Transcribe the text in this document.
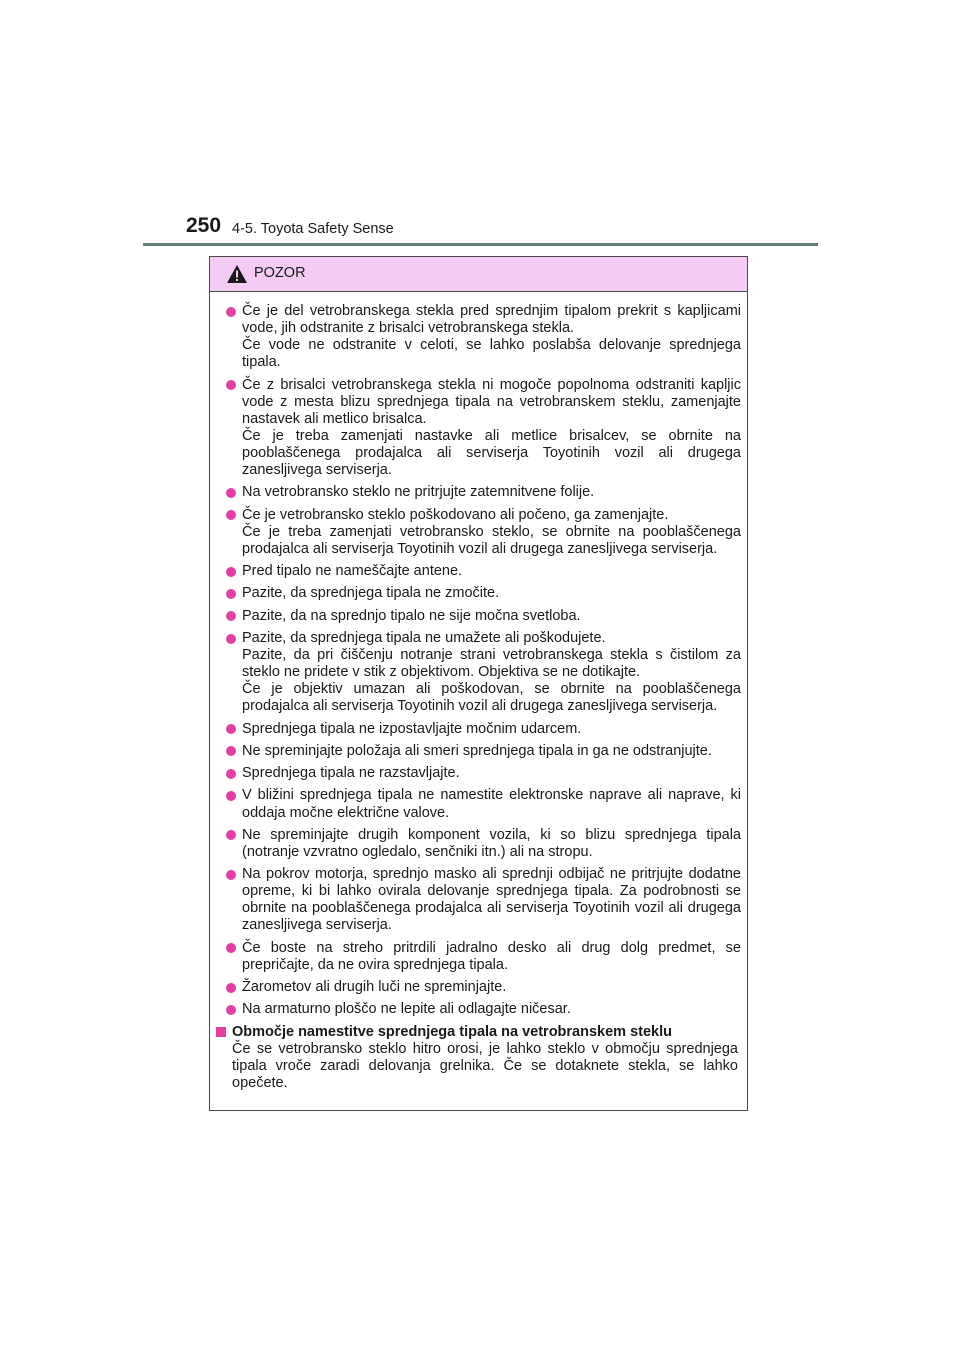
250 4-5. Toyota Safety Sense
POZOR
Če je del vetrobranskega stekla pred sprednjim tipalom prekrit s kapljicami vode, jih odstranite z brisalci vetrobranskega stekla.
Če vode ne odstranite v celoti, se lahko poslabša delovanje sprednjega tipala.
Če z brisalci vetrobranskega stekla ni mogoče popolnoma odstraniti kapljic vode z mesta blizu sprednjega tipala na vetrobranskem steklu, zamenjajte nastavek ali metlico brisalca.
Če je treba zamenjati nastavke ali metlice brisalcev, se obrnite na pooblaščenega prodajalca ali serviserja Toyotinih vozil ali drugega zanesljivega serviserja.
Na vetrobransko steklo ne pritrjujte zatemnitvene folije.
Če je vetrobransko steklo poškodovano ali počeno, ga zamenjajte.
Če je treba zamenjati vetrobransko steklo, se obrnite na pooblaščenega prodajalca ali serviserja Toyotinih vozil ali drugega zanesljivega serviserja.
Pred tipalo ne nameščajte antene.
Pazite, da sprednjega tipala ne zmočite.
Pazite, da na sprednjo tipalo ne sije močna svetloba.
Pazite, da sprednjega tipala ne umažete ali poškodujete.
Pazite, da pri čiščenju notranje strani vetrobranskega stekla s čistilom za steklo ne pridete v stik z objektivom. Objektiva se ne dotikajte.
Če je objektiv umazan ali poškodovan, se obrnite na pooblaščenega prodajalca ali serviserja Toyotinih vozil ali drugega zanesljivega serviserja.
Sprednjega tipala ne izpostavljajte močnim udarcem.
Ne spreminjajte položaja ali smeri sprednjega tipala in ga ne odstranjujte.
Sprednjega tipala ne razstavljajte.
V bližini sprednjega tipala ne namestite elektronske naprave ali naprave, ki oddaja močne električne valove.
Ne spreminjajte drugih komponent vozila, ki so blizu sprednjega tipala (notranje vzvratno ogledalo, senčniki itn.) ali na stropu.
Na pokrov motorja, sprednjo masko ali sprednji odbijač ne pritrjujte dodatne opreme, ki bi lahko ovirala delovanje sprednjega tipala. Za podrobnosti se obrnite na pooblaščenega prodajalca ali serviserja Toyotinih vozil ali drugega zanesljivega serviserja.
Če boste na streho pritrdili jadralno desko ali drug dolg predmet, se prepričajte, da ne ovira sprednjega tipala.
Žarometov ali drugih luči ne spreminjajte.
Na armaturno ploščo ne lepite ali odlagajte ničesar.
Območje namestitve sprednjega tipala na vetrobranskem steklu
Če se vetrobransko steklo hitro orosi, je lahko steklo v območju sprednjega tipala vroče zaradi delovanja grelnika. Če se dotaknete stekla, se lahko opečete.
